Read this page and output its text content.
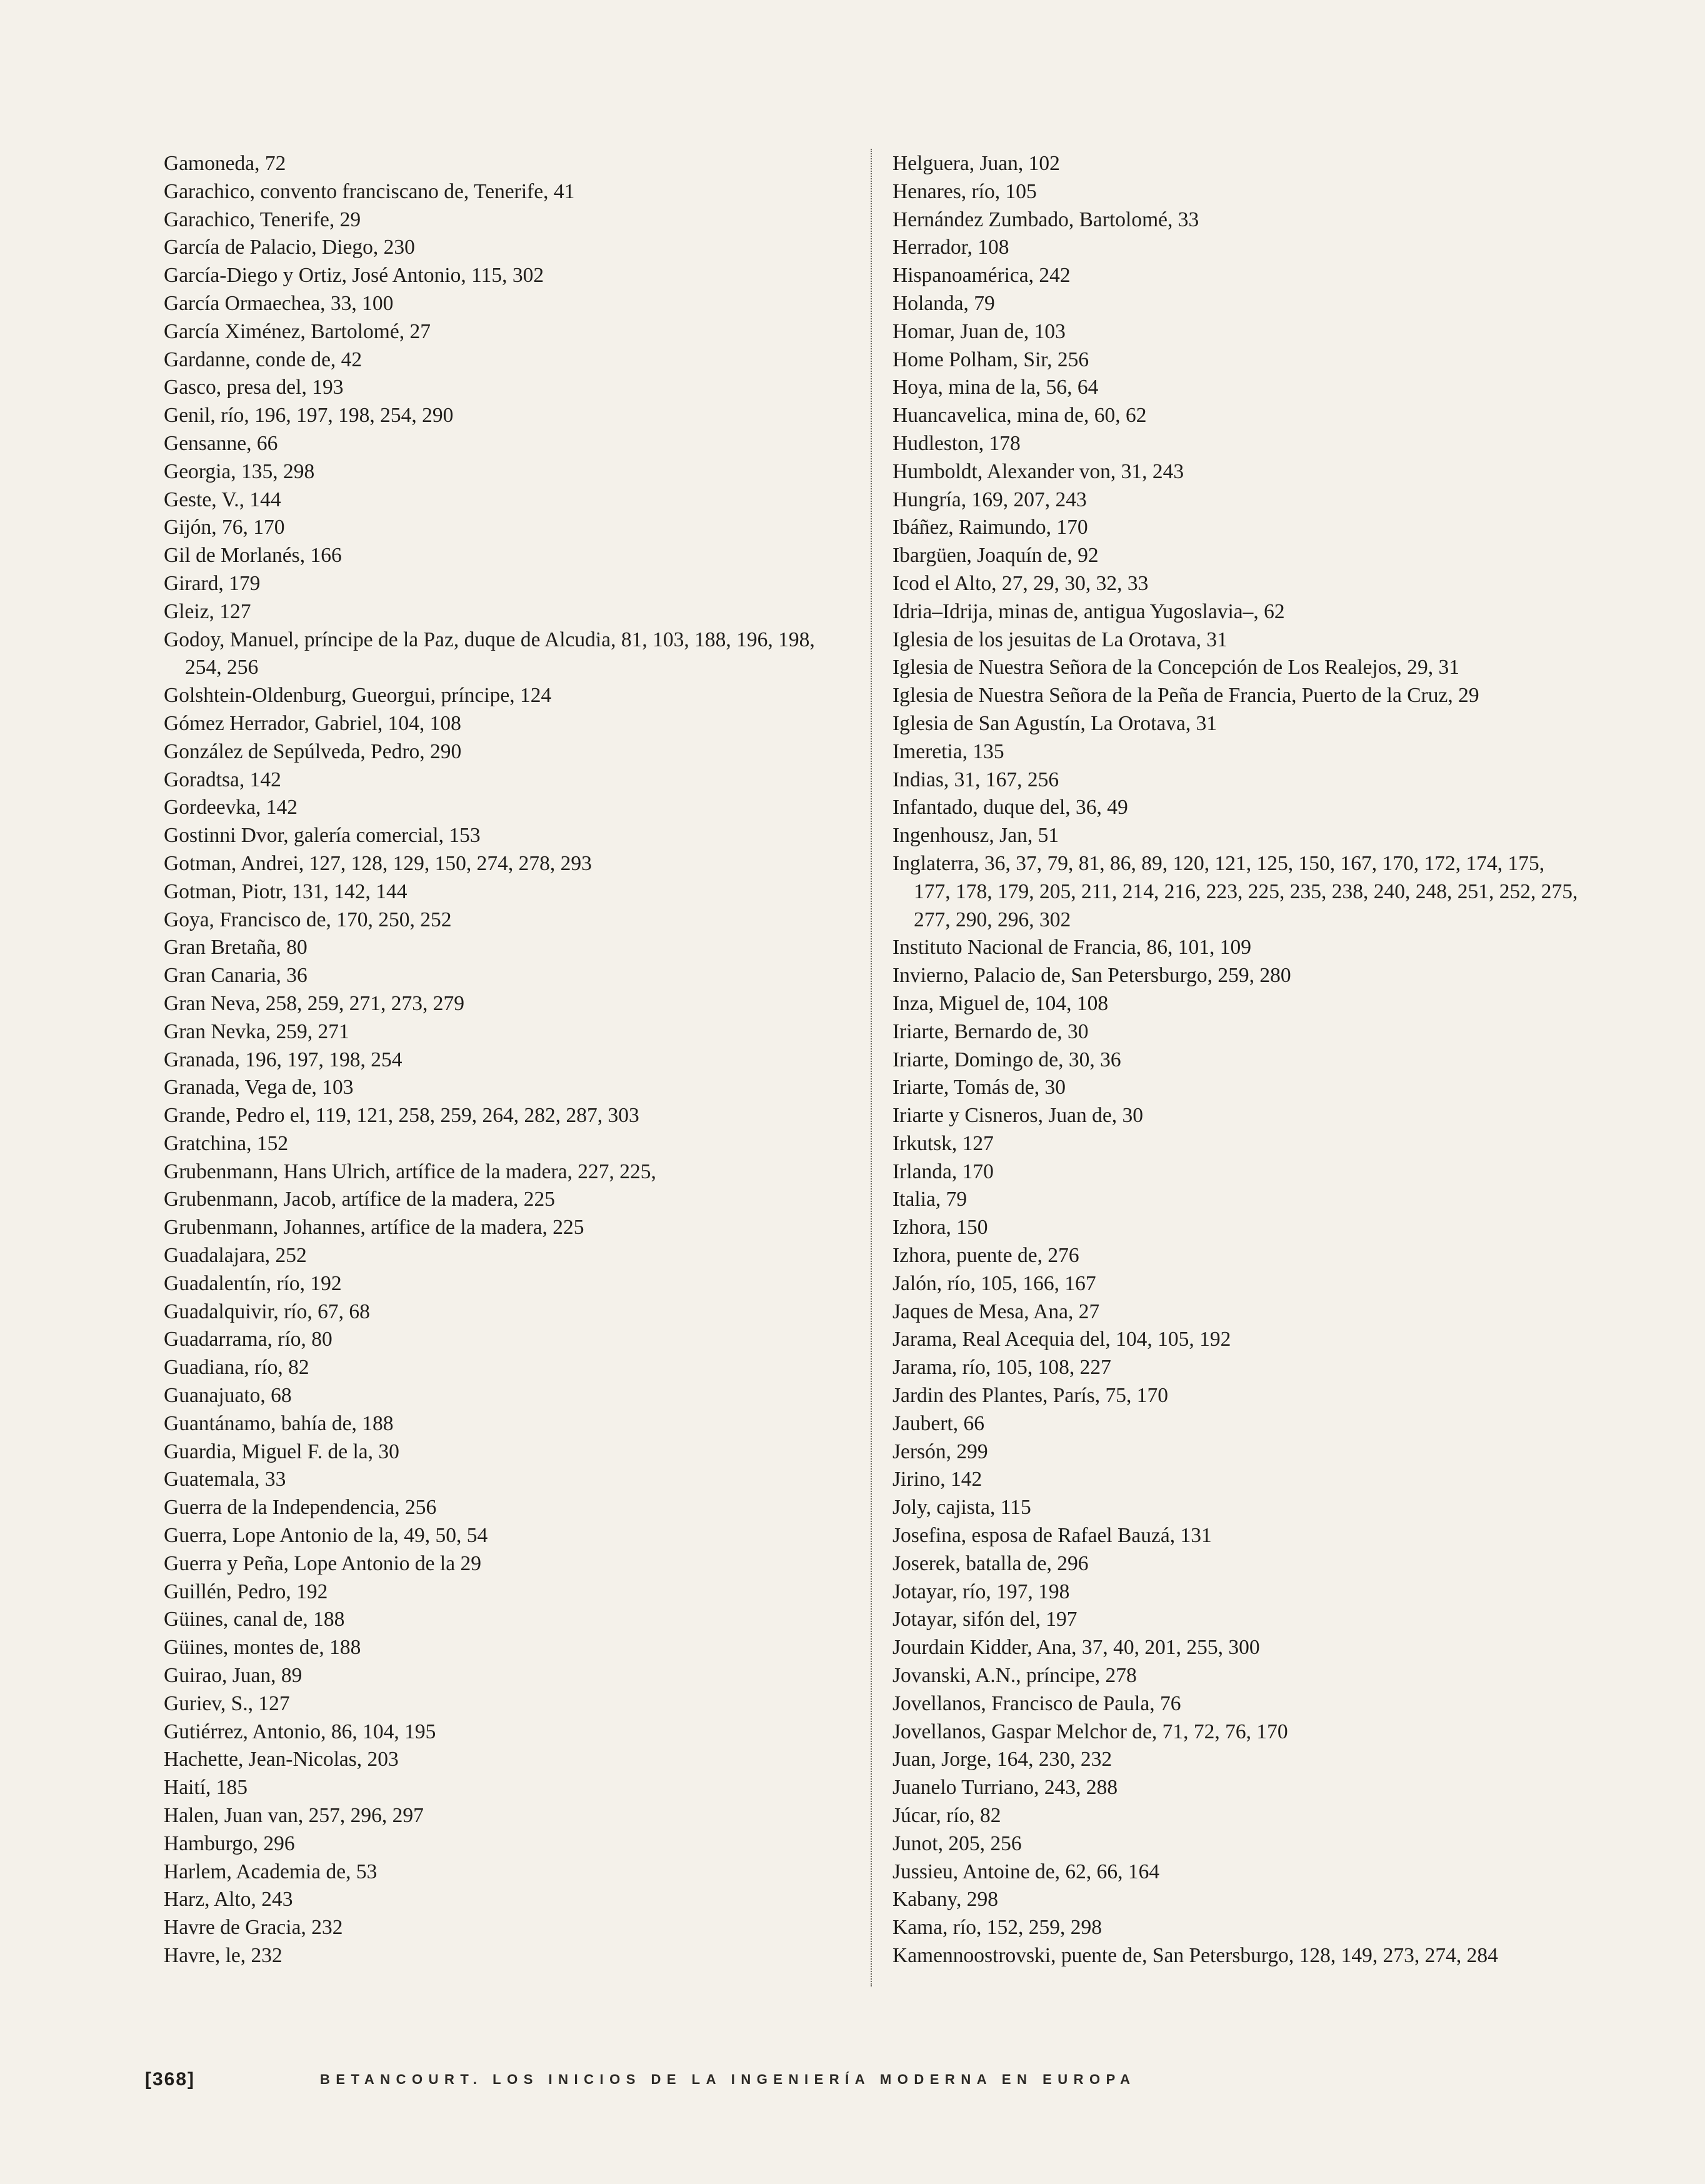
Gamoneda, 72
Garachico, convento franciscano de, Tenerife, 41
Garachico, Tenerife, 29
García de Palacio, Diego, 230
García-Diego y Ortiz, José Antonio, 115, 302
García Ormaechea, 33, 100
García Ximénez, Bartolomé, 27
Gardanne, conde de, 42
Gasco, presa del, 193
Genil, río, 196, 197, 198, 254, 290
Gensanne, 66
Georgia, 135, 298
Geste, V., 144
Gijón, 76, 170
Gil de Morlanés, 166
Girard, 179
Gleiz, 127
Godoy, Manuel, príncipe de la Paz, duque de Alcudia, 81, 103, 188, 196, 198, 254, 256
Golshtein-Oldenburg, Gueorgui, príncipe, 124
Gómez Herrador, Gabriel, 104, 108
González de Sepúlveda, Pedro, 290
Goradtsa, 142
Gordeevka, 142
Gostinni Dvor, galería comercial, 153
Gotman, Andrei, 127, 128, 129, 150, 274, 278, 293
Gotman, Piotr, 131, 142, 144
Goya, Francisco de, 170, 250, 252
Gran Bretaña, 80
Gran Canaria, 36
Gran Neva, 258, 259, 271, 273, 279
Gran Nevka, 259, 271
Granada, 196, 197, 198, 254
Granada, Vega de, 103
Grande, Pedro el, 119, 121, 258, 259, 264, 282, 287, 303
Gratchina, 152
Grubenmann, Hans Ulrich, artífice de la madera, 227, 225,
Grubenmann, Jacob, artífice de la madera, 225
Grubenmann, Johannes, artífice de la madera, 225
Guadalajara, 252
Guadalentín, río, 192
Guadalquivir, río, 67, 68
Guadarrama, río, 80
Guadiana, río, 82
Guanajuato, 68
Guantánamo, bahía de, 188
Guardia, Miguel F. de la, 30
Guatemala, 33
Guerra de la Independencia, 256
Guerra, Lope Antonio de la, 49, 50, 54
Guerra y Peña, Lope Antonio de la 29
Guillén, Pedro, 192
Güines, canal de, 188
Güines, montes de, 188
Guirao, Juan, 89
Guriev, S., 127
Gutiérrez, Antonio, 86, 104, 195
Hachette, Jean-Nicolas, 203
Haití, 185
Halen, Juan van, 257, 296, 297
Hamburgo, 296
Harlem, Academia de, 53
Harz, Alto, 243
Havre de Gracia, 232
Havre, le, 232
Helguera, Juan, 102
Henares, río, 105
Hernández Zumbado, Bartolomé, 33
Herrador, 108
Hispanoamérica, 242
Holanda, 79
Homar, Juan de, 103
Home Polham, Sir, 256
Hoya, mina de la, 56, 64
Huancavelica, mina de, 60, 62
Hudleston, 178
Humboldt, Alexander von, 31, 243
Hungría, 169, 207, 243
Ibáñez, Raimundo, 170
Ibargüen, Joaquín de, 92
Icod el Alto, 27, 29, 30, 32, 33
Idria–Idrija, minas de, antigua Yugoslavia–, 62
Iglesia de los jesuitas de La Orotava, 31
Iglesia de Nuestra Señora de la Concepción de Los Realejos, 29, 31
Iglesia de Nuestra Señora de la Peña de Francia, Puerto de la Cruz, 29
Iglesia de San Agustín, La Orotava, 31
Imeretia, 135
Indias, 31, 167, 256
Infantado, duque del, 36, 49
Ingenhousz, Jan, 51
Inglaterra, 36, 37, 79, 81, 86, 89, 120, 121, 125, 150, 167, 170, 172, 174, 175, 177, 178, 179, 205, 211, 214, 216, 223, 225, 235, 238, 240, 248, 251, 252, 275, 277, 290, 296, 302
Instituto Nacional de Francia, 86, 101, 109
Invierno, Palacio de, San Petersburgo, 259, 280
Inza, Miguel de, 104, 108
Iriarte, Bernardo de, 30
Iriarte, Domingo de, 30, 36
Iriarte, Tomás de, 30
Iriarte y Cisneros, Juan de, 30
Irkutsk, 127
Irlanda, 170
Italia, 79
Izhora, 150
Izhora, puente de, 276
Jalón, río, 105, 166, 167
Jaques de Mesa, Ana, 27
Jarama, Real Acequia del, 104, 105, 192
Jarama, río, 105, 108, 227
Jardin des Plantes, París, 75, 170
Jaubert, 66
Jersón, 299
Jirino, 142
Joly, cajista, 115
Josefina, esposa de Rafael Bauzá, 131
Joserek, batalla de, 296
Jotayar, río, 197, 198
Jotayar, sifón del, 197
Jourdain Kidder, Ana, 37, 40, 201, 255, 300
Jovanski, A.N., príncipe, 278
Jovellanos, Francisco de Paula, 76
Jovellanos, Gaspar Melchor de, 71, 72, 76, 170
Juan, Jorge, 164, 230, 232
Juanelo Turriano, 243, 288
Júcar, río, 82
Junot, 205, 256
Jussieu, Antoine de, 62, 66, 164
Kabany, 298
Kama, río, 152, 259, 298
Kamennoostrovski, puente de, San Petersburgo, 128, 149, 273, 274, 284
[368]	BETANCOURT. LOS INICIOS DE LA INGENIERÍA MODERNA EN EUROPA
